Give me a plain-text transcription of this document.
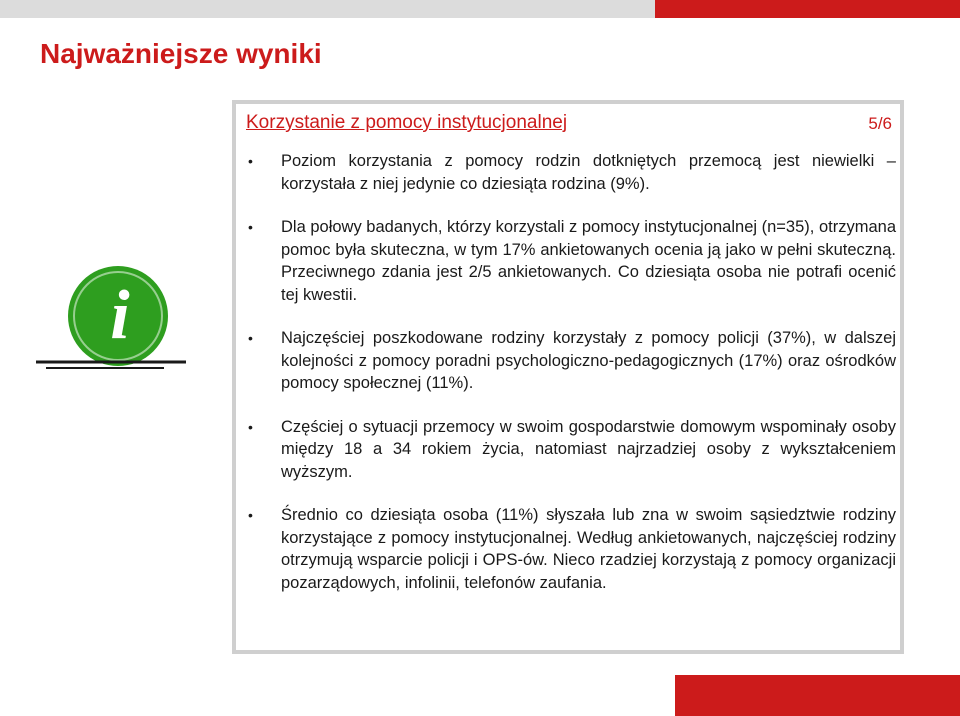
Najważniejsze wyniki
i
Korzystanie z pomocy instytucjonalnej	5/6
• Poziom korzystania z pomocy rodzin dotkniętych przemocą jest niewielki – korzystała z niej jedynie co dziesiąta rodzina (9%).
• Dla połowy badanych, którzy korzystali z pomocy instytucjonalnej (n=35), otrzymana pomoc była skuteczna, w tym 17% ankietowanych ocenia ją jako w pełni skuteczną. Przeciwnego zdania jest 2/5 ankietowanych. Co dziesiąta osoba nie potrafi ocenić tej kwestii.
• Najczęściej poszkodowane rodziny korzystały z pomocy policji (37%), w dalszej kolejności z pomocy poradni psychologiczno-pedagogicznych (17%) oraz ośrodków pomocy społecznej (11%).
• Częściej o sytuacji przemocy w swoim gospodarstwie domowym wspominały osoby między 18 a 34 rokiem życia, natomiast najrzadziej osoby z wykształceniem wyższym.
• Średnio co dziesiąta osoba (11%) słyszała lub zna w swoim sąsiedztwie rodziny korzystające z pomocy instytucjonalnej. Według ankietowanych, najczęściej rodziny otrzymują wsparcie policji i OPS-ów. Nieco rzadziej korzystają z pomocy organizacji pozarządowych, infolinii, telefonów zaufania.
